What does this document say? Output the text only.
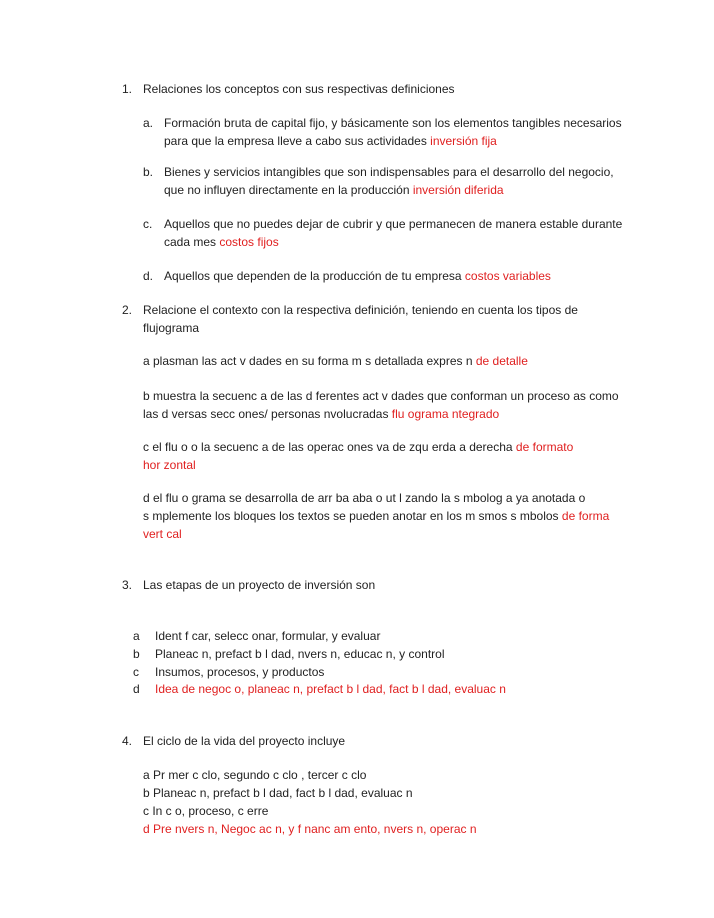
1. Relaciones los conceptos con sus respectivas definiciones
a. Formación bruta de capital fijo, y básicamente son los elementos tangibles necesarios
para que la empresa lleve a cabo sus actividades inversión fija
b. Bienes y servicios intangibles que son indispensables para el desarrollo del negocio,
que no influyen directamente en la producción inversión diferida
c. Aquellos que no puedes dejar de cubrir y que permanecen de manera estable durante
cada mes costos fijos
d. Aquellos que dependen de la producción de tu empresa costos variables
2. Relacione el contexto con la respectiva definición, teniendo en cuenta los tipos de
flujograma
a plasman las act v dades en su forma m s detallada expres n de detalle
b muestra la secuenc a de las d ferentes act v dades que conforman un proceso as como
las d versas secc ones/ personas nvolucradas flu ograma ntegrado
c el flu o o la secuenc a de las operac ones va de zqu erda a derecha de formato
hor zontal
d el flu o grama se desarrolla de arr ba aba o ut l zando la s mbolog a ya anotada o
s mplemente los bloques los textos se pueden anotar en los m smos s mbolos de forma
vert cal
3. Las etapas de un proyecto de inversión son
a Ident f car, selecc onar, formular, y evaluar
b Planeac n, prefact b l dad, nvers n, educac n, y control
c Insumos, procesos, y productos
d Idea de negoc o, planeac n, prefact b l dad, fact b l dad, evaluac n
4. El ciclo de la vida del proyecto incluye
a Pr mer c clo, segundo c clo , tercer c clo
b Planeac n, prefact b l dad, fact b l dad, evaluac n
c In c o, proceso, c erre
d Pre nvers n, Negoc ac n, y f nanc am ento, nvers n, operac n
